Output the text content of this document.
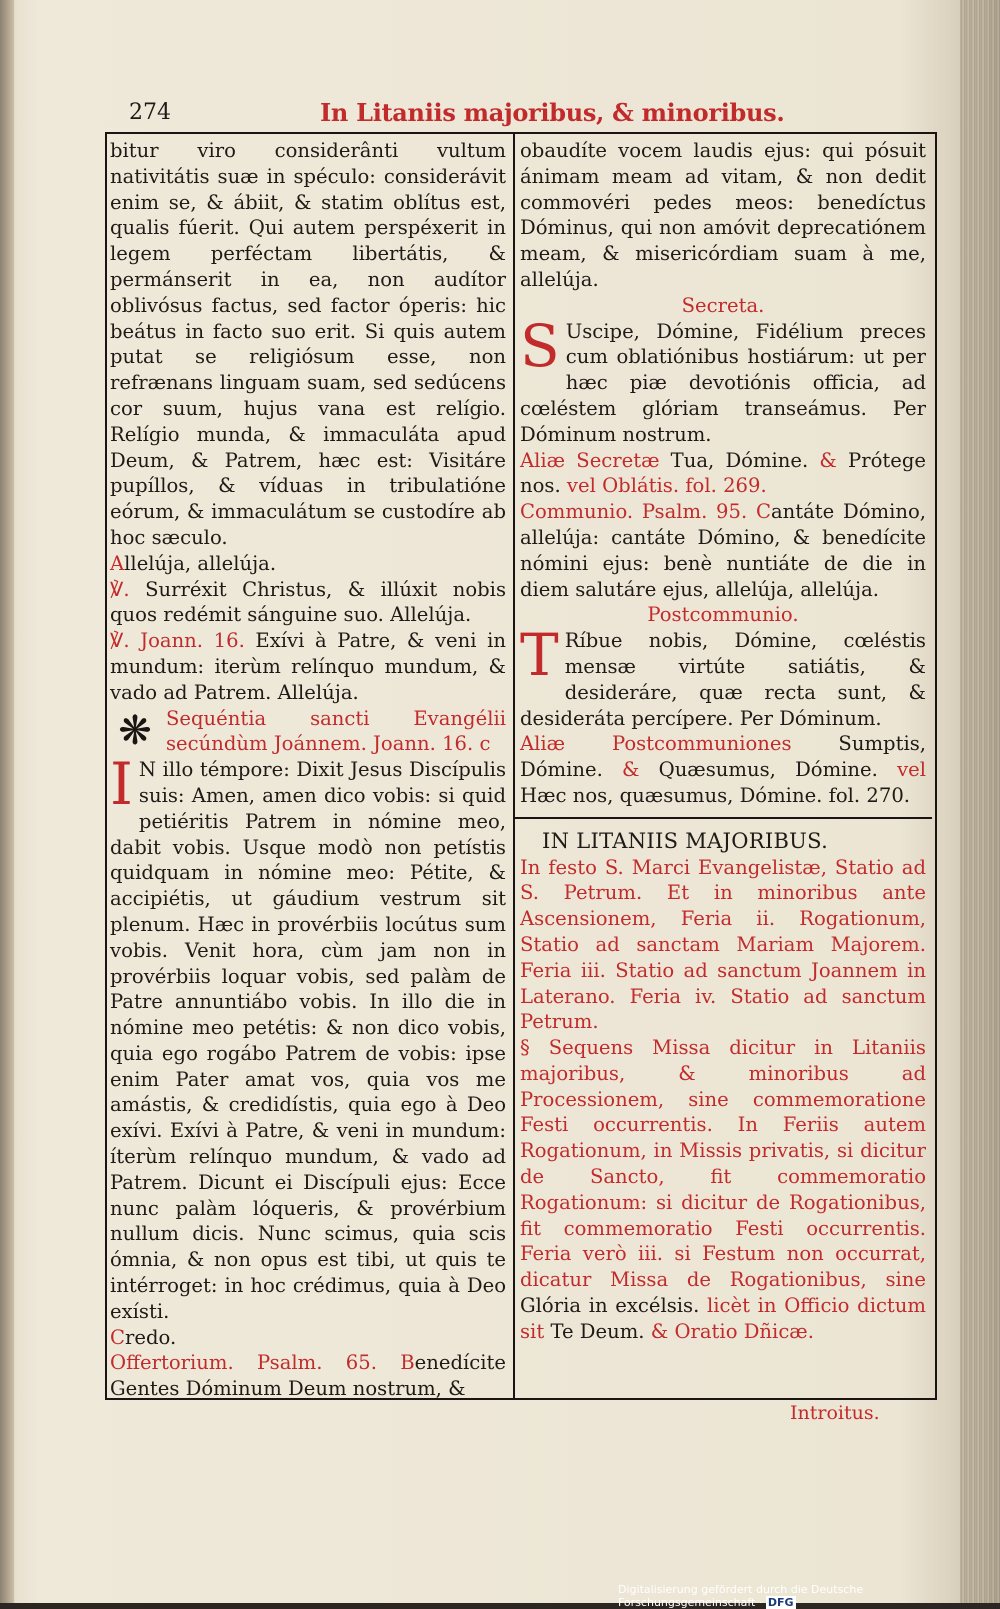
274	In Litaniis majoribus, & minoribus.

bitur viro considerânti vultum nativitátis suæ in spéculo: considerávit enim se, & ábiit, & statim oblítus est, qualis fúerit. Qui autem perspéxerit in legem perféctam libertátis, & permánserit in ea, non audítor oblivósus factus, sed factor óperis: hic beátus in facto suo erit. Si quis autem putat se religiósum esse, non refrænans linguam suam, sed sedúcens cor suum, hujus vana est relígio. Relígio munda, & immaculáta apud Deum, & Patrem, hæc est: Visitáre pupíllos, & víduas in tribulatióne eórum, & immaculátum se custodíre ab hoc sæculo.

Allelúja, allelúja.

℣. Surréxit Christus, & illúxit nobis quos redémit sánguine suo. Allelúja.

℣. Joann. 16. Exívi à Patre, & veni in mundum: iterùm relínquo mundum, & vado ad Patrem. Allelúja.

❋ Sequéntia sancti Evangélii secúndùm Joánnem. Joann. 16. c

I N illo témpore: Dixit Jesus Discípulis suis: Amen, amen dico vobis: si quid petiéritis Patrem in nómine meo, dabit vobis. Usque modò non petístis quidquam in nómine meo: Pétite, & accipiétis, ut gáudium vestrum sit plenum. Hæc in provérbiis locútus sum vobis. Venit hora, cùm jam non in provérbiis loquar vobis, sed palàm de Patre annuntiábo vobis. In illo die in nómine meo petétis: & non dico vobis, quia ego rogábo Patrem de vobis: ipse enim Pater amat vos, quia vos me amástis, & credidístis, quia ego à Deo exívi. Exívi à Patre, & veni in mundum: íterùm relínquo mundum, & vado ad Patrem. Dicunt ei Discípuli ejus: Ecce nunc palàm lóqueris, & provérbium nullum dicis. Nunc scimus, quia scis ómnia, & non opus est tibi, ut quis te intérroget: in hoc crédimus, quia à Deo exísti.

Credo.

Offertorium. Psalm. 65. Benedícite Gentes Dóminum Deum nostrum, &

obaudíte vocem laudis ejus: qui pósuit ánimam meam ad vitam, & non dedit commovéri pedes meos: benedíctus Dóminus, qui non amóvit deprecatiónem meam, & misericórdiam suam à me, allelúja.

Secreta.

S Uscipe, Dómine, Fidélium preces cum oblatiónibus hostiárum: ut per hæc piæ devotiónis officia, ad cœléstem glóriam transeámus. Per Dóminum nostrum.

Aliæ Secretæ Tua, Dómine. & Prótege nos. vel Oblátis. fol. 269.

Communio. Psalm. 95. Cantáte Dómino, allelúja: cantáte Dómino, & benedícite nómini ejus: benè nuntiáte de die in diem salutáre ejus, allelúja, allelúja.

Postcommunio.

T Ríbue nobis, Dómine, cœléstis mensæ virtúte satiátis, & desideráre, quæ recta sunt, & desideráta percípere. Per Dóminum.

Aliæ Postcommuniones Sumptis, Dómine. & Quæsumus, Dómine. vel Hæc nos, quæsumus, Dómine. fol. 270.

IN LITANIIS MAJORIBUS.

In festo S. Marci Evangelistæ, Statio ad S. Petrum. Et in minoribus ante Ascensionem, Feria ii. Rogationum, Statio ad sanctam Mariam Majorem. Feria iii. Statio ad sanctum Joannem in Laterano. Feria iv. Statio ad sanctum Petrum.

§ Sequens Missa dicitur in Litaniis majoribus, & minoribus ad Processionem, sine commemoratione Festi occurrentis. In Feriis autem Rogationum, in Missis privatis, si dicitur de Sancto, fit commemoratio Rogationum: si dicitur de Rogationibus, fit commemoratio Festi occurrentis. Feria verò iii. si Festum non occurrat, dicatur Missa de Rogationibus, sine Glória in excélsis. licèt in Officio dictum sit Te Deum. & Oratio Dñicæ.

Introitus.
Digitalisierung gefördert durch die Deutsche Forschungsgemeinschaft · DFG
